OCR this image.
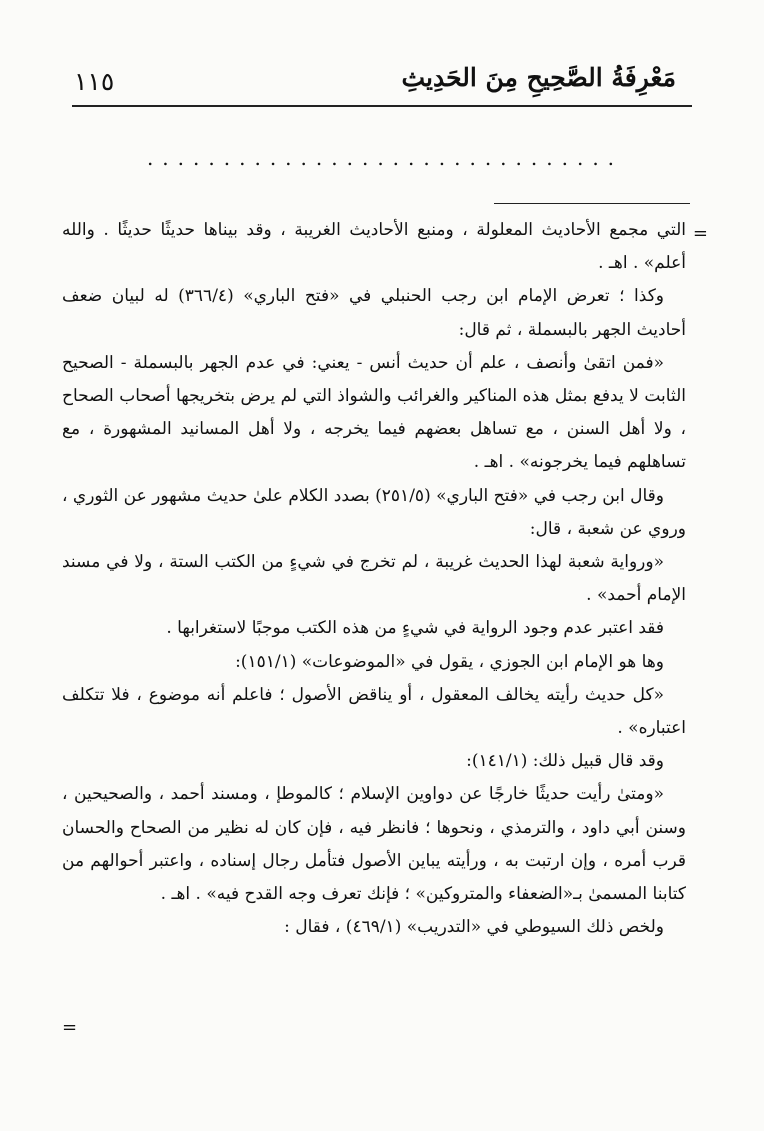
مَعْرِفَةُ الصَّحِيحِ مِنَ الحَدِيثِ
١١٥
...............................
=

التي مجمع الأحاديث المعلولة ، ومنبع الأحاديث الغريبة ، وقد بيناها حديثًا حديثًا . والله أعلم» . اهـ .

وكذا ؛ تعرض الإمام ابن رجب الحنبلي في «فتح الباري» (٣٦٦/٤) له لبيان ضعف أحاديث الجهر بالبسملة ، ثم قال:

«فمن اتقىٰ وأنصف ، علم أن حديث أنس - يعني: في عدم الجهر بالبسملة - الصحيح الثابت لا يدفع بمثل هذه المناكير والغرائب والشواذ التي لم يرض بتخريجها أصحاب الصحاح ، ولا أهل السنن ، مع تساهل بعضهم فيما يخرجه ، ولا أهل المسانيد المشهورة ، مع تساهلهم فيما يخرجونه» . اهـ .

وقال ابن رجب في «فتح الباري» (٢٥١/٥) بصدد الكلام علىٰ حديث مشهور عن الثوري ، وروي عن شعبة ، قال:

«ورواية شعبة لهذا الحديث غريبة ، لم تخرج في شيءٍ من الكتب الستة ، ولا في مسند الإمام أحمد» .

فقد اعتبر عدم وجود الرواية في شيءٍ من هذه الكتب موجبًا لاستغرابها .

وها هو الإمام ابن الجوزي ، يقول في «الموضوعات» (١٥١/١):

«كل حديث رأيته يخالف المعقول ، أو يناقض الأصول ؛ فاعلم أنه موضوع ، فلا تتكلف اعتباره» .

وقد قال قبيل ذلك: (١٤١/١):

«ومتىٰ رأيت حديثًا خارجًا عن دواوين الإسلام ؛ كالموطإ ، ومسند أحمد ، والصحيحين ، وسنن أبي داود ، والترمذي ، ونحوها ؛ فانظر فيه ، فإن كان له نظير من الصحاح والحسان قرب أمره ، وإن ارتبت به ، ورأيته يباين الأصول فتأمل رجال إسناده ، واعتبر أحوالهم من كتابنا المسمىٰ بـ«الضعفاء والمتروكين» ؛ فإنك تعرف وجه القدح فيه» . اهـ .

ولخص ذلك السيوطي في «التدريب» (٤٦٩/١) ، فقال :

=
